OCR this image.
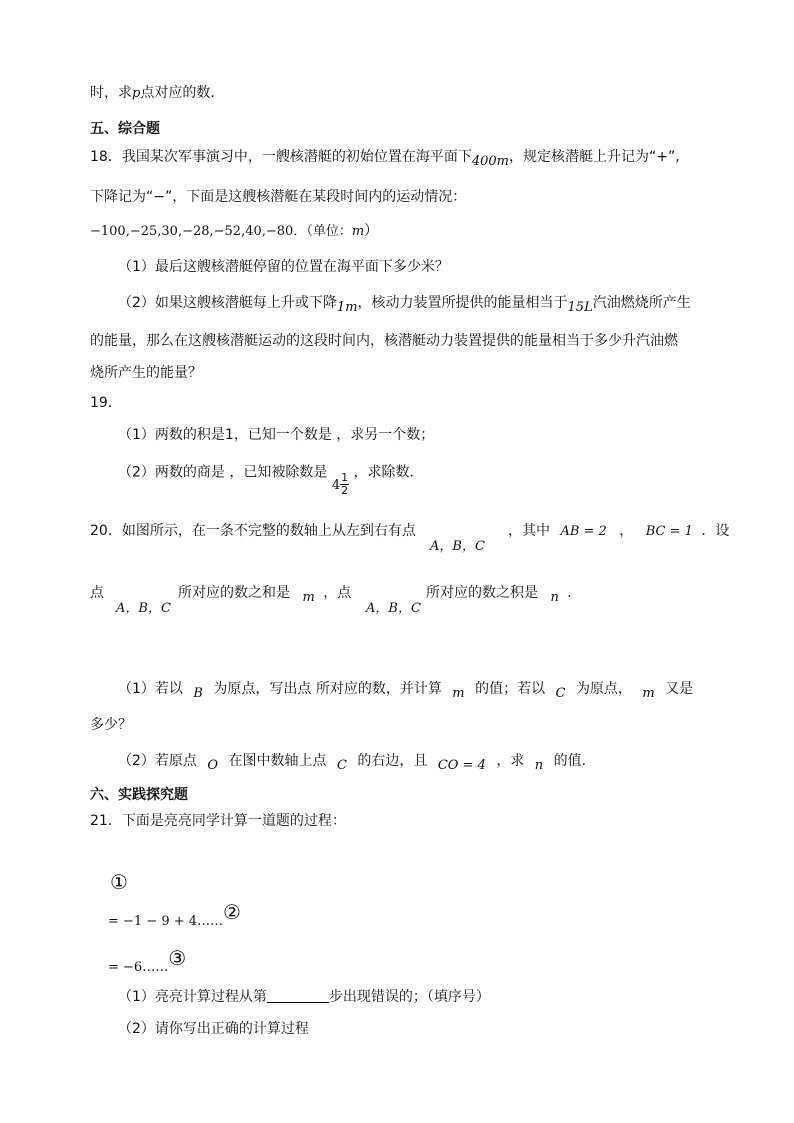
时，求p点对应的数．
五、综合题
18．我国某次军事演习中，一艘核潜艇的初始位置在海平面下400m，规定核潜艇上升记为“+”,
下降记为“−”，下面是这艘核潜艇在某段时间内的运动情况：
−100,−25,30,−28,−52,40,−80．（单位：m）
（1）最后这艘核潜艇停留的位置在海平面下多少米？
（2）如果这艘核潜艇每上升或下降1m，核动力装置所提供的能量相当于15L汽油燃烧所产生
的能量，那么在这艘核潜艇运动的这段时间内，核潜艇动力装置提供的能量相当于多少升汽油燃
烧所产生的能量？
19．
（1）两数的积是1，已知一个数是 ，求另一个数；
（2）两数的商是 ，已知被除数是 $4 \frac{1}{2}$ ，求除数．
20．如图所示，在一条不完整的数轴上从左到右有点
A，B，C
，其中 AB = 2 ， BC = 1 ．设
点
A，B，C
所对应的数之和是 m ，点
A，B，C
所对应的数之积是 n .
（1）若以 B 为原点，写出点 所对应的数，并计算 m 的值；若以 C 为原点， m 又是
多少？
（2）若原点 O 在图中数轴上点 C 的右边，且 CO = 4 ，求 n 的值.
六、实践探究题
21．下面是亮亮同学计算一道题的过程：
①
= −1 − 9 + 4……②
= −6……③
（1）亮亮计算过程从第	步出现错误的；（填序号）
（2）请你写出正确的计算过程
